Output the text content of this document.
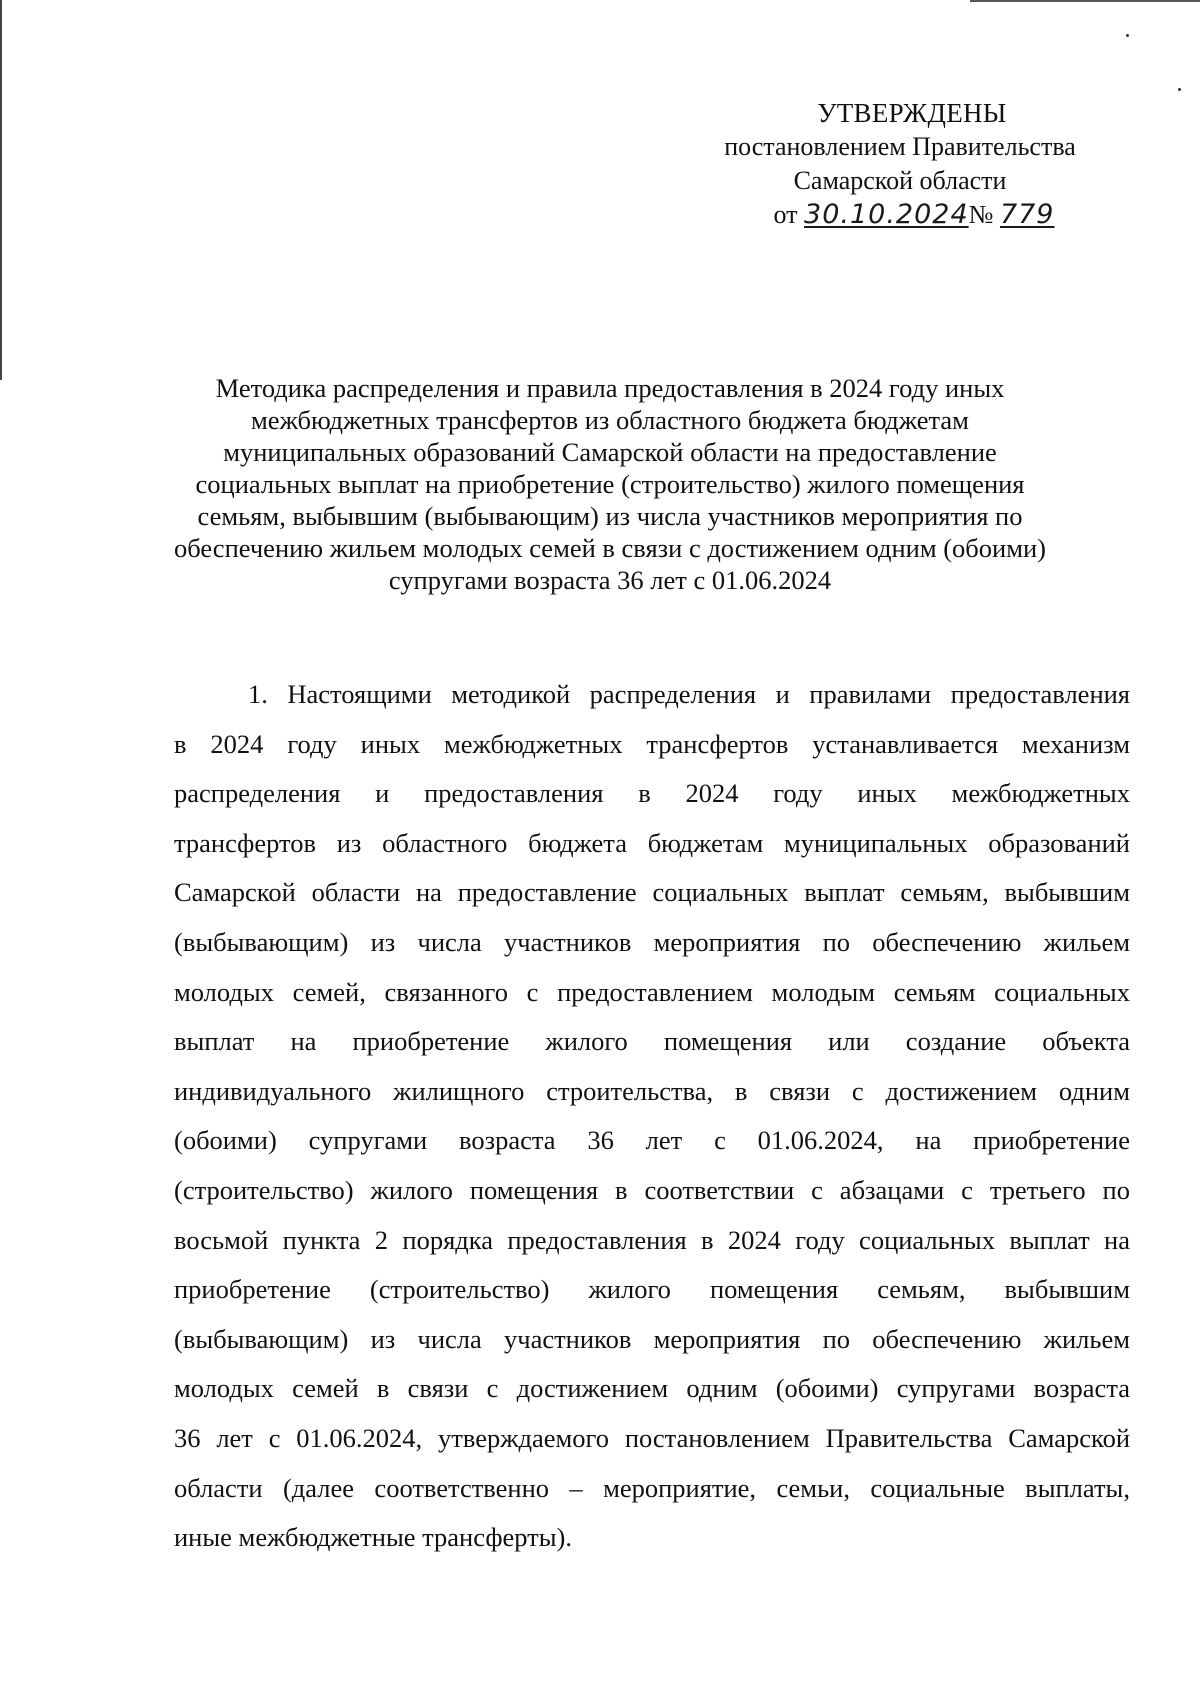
УТВЕРЖДЕНЫ
постановлением Правительства
Самарской области
от 30.10.2024№ 779
Методика распределения и правила предоставления в 2024 году иных
межбюджетных трансфертов из областного бюджета бюджетам
муниципальных образований Самарской области на предоставление
социальных выплат на приобретение (строительство) жилого помещения
семьям, выбывшим (выбывающим) из числа участников мероприятия по
обеспечению жильем молодых семей в связи с достижением одним (обоими)
супругами возраста 36 лет с 01.06.2024
1. Настоящими методикой распределения и правилами предоставления
в 2024 году иных межбюджетных трансфертов устанавливается механизм
распределения и предоставления в 2024 году иных межбюджетных
трансфертов из областного бюджета бюджетам муниципальных образований
Самарской области на предоставление социальных выплат семьям, выбывшим
(выбывающим) из числа участников мероприятия по обеспечению жильем
молодых семей, связанного с предоставлением молодым семьям социальных
выплат на приобретение жилого помещения или создание объекта
индивидуального жилищного строительства, в связи с достижением одним
(обоими) супругами возраста 36 лет с 01.06.2024, на приобретение
(строительство) жилого помещения в соответствии с абзацами с третьего по
восьмой пункта 2 порядка предоставления в 2024 году социальных выплат на
приобретение (строительство) жилого помещения семьям, выбывшим
(выбывающим) из числа участников мероприятия по обеспечению жильем
молодых семей в связи с достижением одним (обоими) супругами возраста
36 лет с 01.06.2024, утверждаемого постановлением Правительства Самарской
области (далее соответственно – мероприятие, семьи, социальные выплаты,
иные межбюджетные трансферты).
